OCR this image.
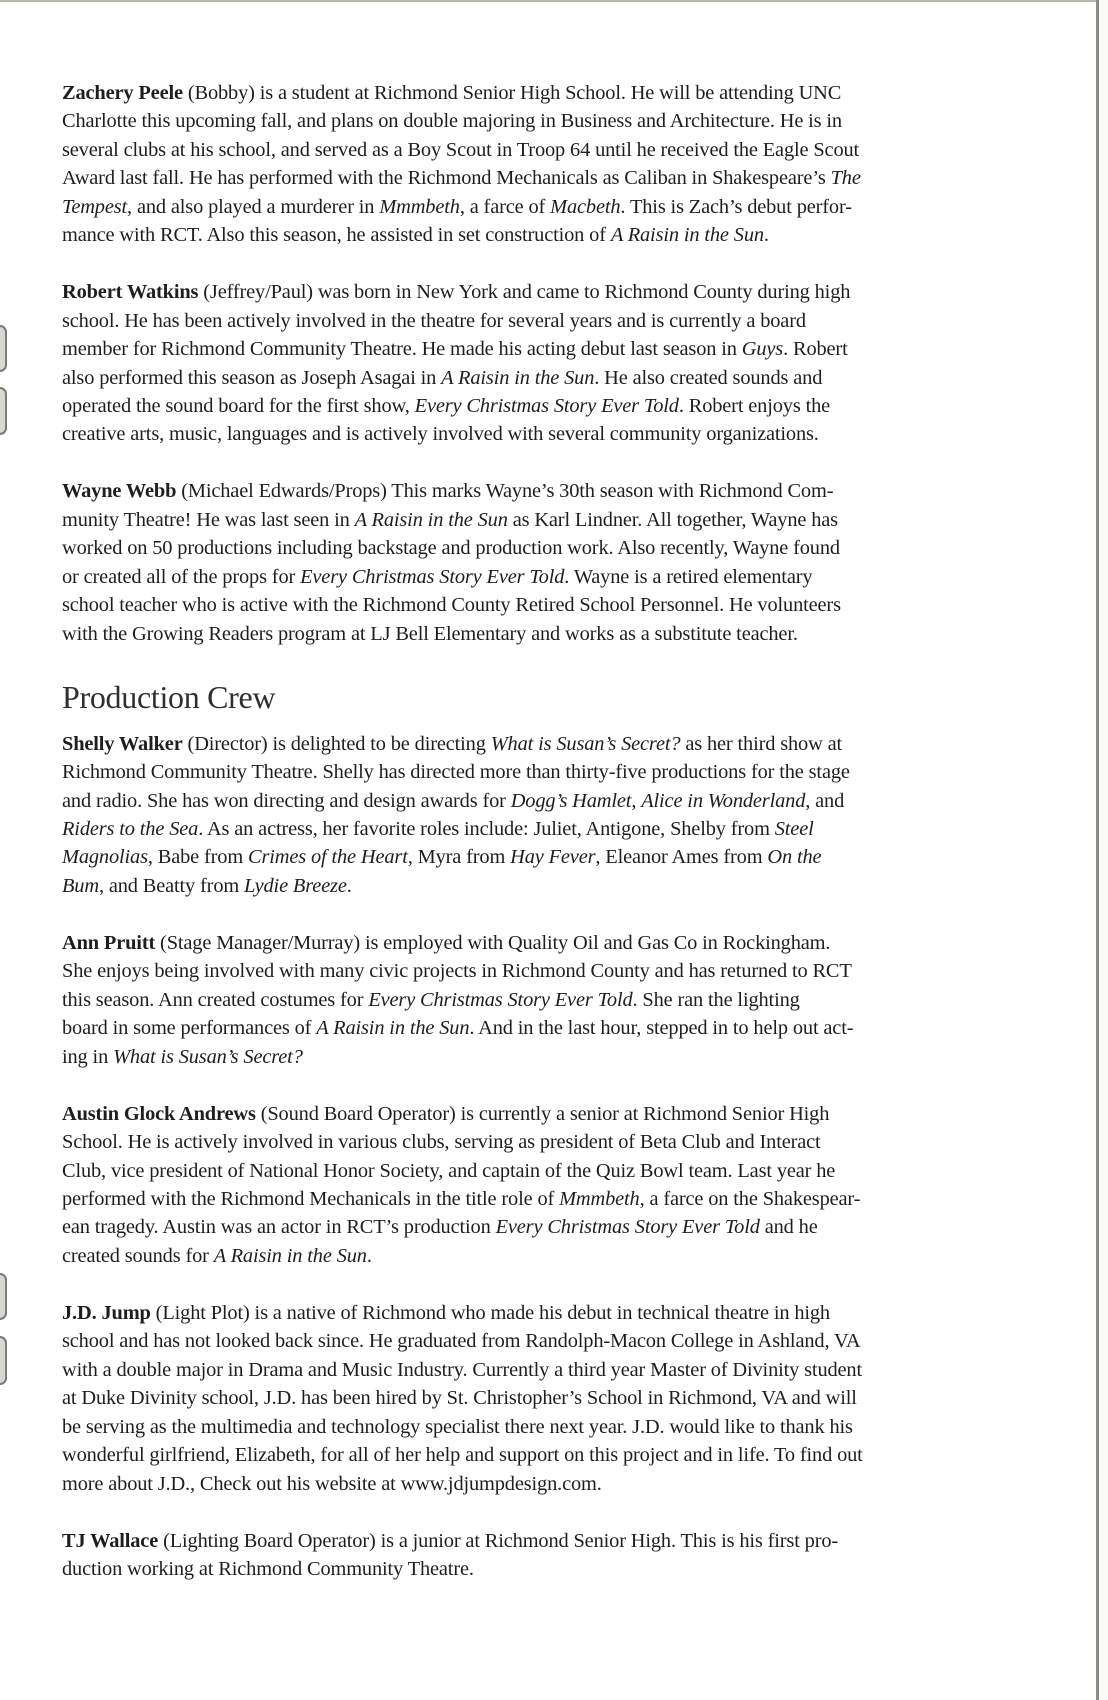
Zachery Peele (Bobby) is a student at Richmond Senior High School. He will be attending UNC
Charlotte this upcoming fall, and plans on double majoring in Business and Architecture. He is in
several clubs at his school, and served as a Boy Scout in Troop 64 until he received the Eagle Scout
Award last fall. He has performed with the Richmond Mechanicals as Caliban in Shakespeare’s The
Tempest, and also played a murderer in Mmmbeth, a farce of Macbeth. This is Zach’s debut perfor-
mance with RCT. Also this season, he assisted in set construction of A Raisin in the Sun.
Robert Watkins (Jeffrey/Paul) was born in New York and came to Richmond County during high
school. He has been actively involved in the theatre for several years and is currently a board
member for Richmond Community Theatre. He made his acting debut last season in Guys. Robert
also performed this season as Joseph Asagai in A Raisin in the Sun. He also created sounds and
operated the sound board for the first show, Every Christmas Story Ever Told. Robert enjoys the
creative arts, music, languages and is actively involved with several community organizations.
Wayne Webb (Michael Edwards/Props) This marks Wayne’s 30th season with Richmond Com-
munity Theatre! He was last seen in A Raisin in the Sun as Karl Lindner. All together, Wayne has
worked on 50 productions including backstage and production work. Also recently, Wayne found
or created all of the props for Every Christmas Story Ever Told. Wayne is a retired elementary
school teacher who is active with the Richmond County Retired School Personnel. He volunteers
with the Growing Readers program at LJ Bell Elementary and works as a substitute teacher.
Production Crew
Shelly Walker (Director) is delighted to be directing What is Susan’s Secret? as her third show at
Richmond Community Theatre. Shelly has directed more than thirty-five productions for the stage
and radio. She has won directing and design awards for Dogg’s Hamlet, Alice in Wonderland, and
Riders to the Sea. As an actress, her favorite roles include: Juliet, Antigone, Shelby from Steel
Magnolias, Babe from Crimes of the Heart, Myra from Hay Fever, Eleanor Ames from On the
Bum, and Beatty from Lydie Breeze.
Ann Pruitt (Stage Manager/Murray) is employed with Quality Oil and Gas Co in Rockingham.
She enjoys being involved with many civic projects in Richmond County and has returned to RCT
this season. Ann created costumes for Every Christmas Story Ever Told. She ran the lighting
board in some performances of A Raisin in the Sun. And in the last hour, stepped in to help out act-
ing in What is Susan’s Secret?
Austin Glock Andrews (Sound Board Operator) is currently a senior at Richmond Senior High
School. He is actively involved in various clubs, serving as president of Beta Club and Interact
Club, vice president of National Honor Society, and captain of the Quiz Bowl team. Last year he
performed with the Richmond Mechanicals in the title role of Mmmbeth, a farce on the Shakespear-
ean tragedy. Austin was an actor in RCT’s production Every Christmas Story Ever Told and he
created sounds for A Raisin in the Sun.
J.D. Jump (Light Plot) is a native of Richmond who made his debut in technical theatre in high
school and has not looked back since. He graduated from Randolph-Macon College in Ashland, VA
with a double major in Drama and Music Industry. Currently a third year Master of Divinity student
at Duke Divinity school, J.D. has been hired by St. Christopher’s School in Richmond, VA and will
be serving as the multimedia and technology specialist there next year. J.D. would like to thank his
wonderful girlfriend, Elizabeth, for all of her help and support on this project and in life. To find out
more about J.D., Check out his website at www.jdjumpdesign.com.
TJ Wallace (Lighting Board Operator) is a junior at Richmond Senior High. This is his first pro-
duction working at Richmond Community Theatre.
